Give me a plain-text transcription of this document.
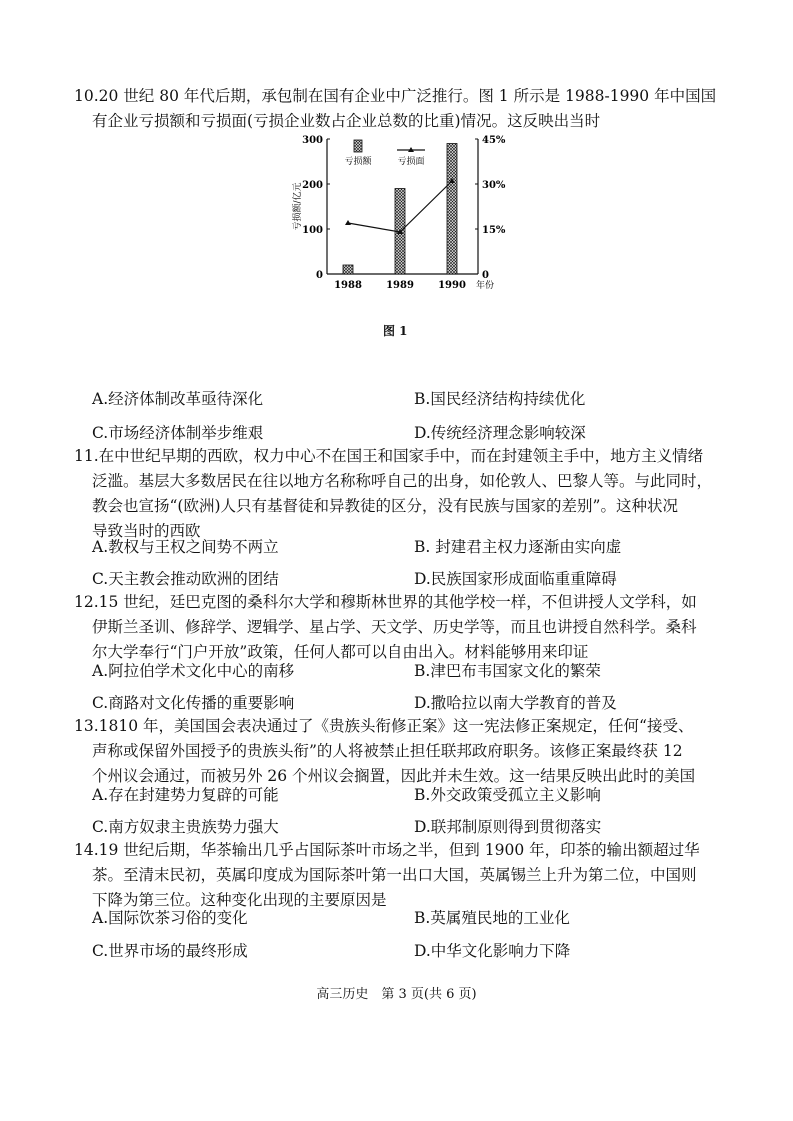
10.20 世纪 80 年代后期，承包制在国有企业中广泛推行。图 1 所示是 1988-1990 年中国国
有企业亏损额和亏损面(亏损企业数占企业总数的比重)情况。这反映出当时
0
100
200
300
0
15%
30%
45%
亏损额/亿元
1988 1989 1990 年份
亏损额	亏损面
图 1
A.经济体制改革亟待深化	B.国民经济结构持续优化
C.市场经济体制举步维艰	D.传统经济理念影响较深
11.在中世纪早期的西欧，权力中心不在国王和国家手中，而在封建领主手中，地方主义情绪
泛滥。基层大多数居民在往以地方名称称呼自己的出身，如伦敦人、巴黎人等。与此同时，
教会也宣扬“(欧洲)人只有基督徒和异教徒的区分，没有民族与国家的差别”。这种状况
导致当时的西欧
A.教权与王权之间势不两立	B. 封建君主权力逐渐由实向虚
C.天主教会推动欧洲的团结	D.民族国家形成面临重重障碍
12.15 世纪，廷巴克图的桑科尔大学和穆斯林世界的其他学校一样，不但讲授人文学科，如
伊斯兰圣训、修辞学、逻辑学、星占学、天文学、历史学等，而且也讲授自然科学。桑科
尔大学奉行“门户开放”政策，任何人都可以自由出入。材料能够用来印证
A.阿拉伯学术文化中心的南移	B.津巴布韦国家文化的繁荣
C.商路对文化传播的重要影响	D.撒哈拉以南大学教育的普及
13.1810 年，美国国会表决通过了《贵族头衔修正案》这一宪法修正案规定，任何“接受、
声称或保留外国授予的贵族头衔”的人将被禁止担任联邦政府职务。该修正案最终获 12
个州议会通过，而被另外 26 个州议会搁置，因此并未生效。这一结果反映出此时的美国
A.存在封建势力复辟的可能	B.外交政策受孤立主义影响
C.南方奴隶主贵族势力强大	D.联邦制原则得到贯彻落实
14.19 世纪后期，华茶输出几乎占国际茶叶市场之半，但到 1900 年，印茶的输出额超过华
茶。至清末民初，英属印度成为国际茶叶第一出口大国，英属锡兰上升为第二位，中国则
下降为第三位。这种变化出现的主要原因是
A.国际饮茶习俗的变化	B.英属殖民地的工业化
C.世界市场的最终形成	D.中华文化影响力下降
高三历史　第 3 页(共 6 页)
